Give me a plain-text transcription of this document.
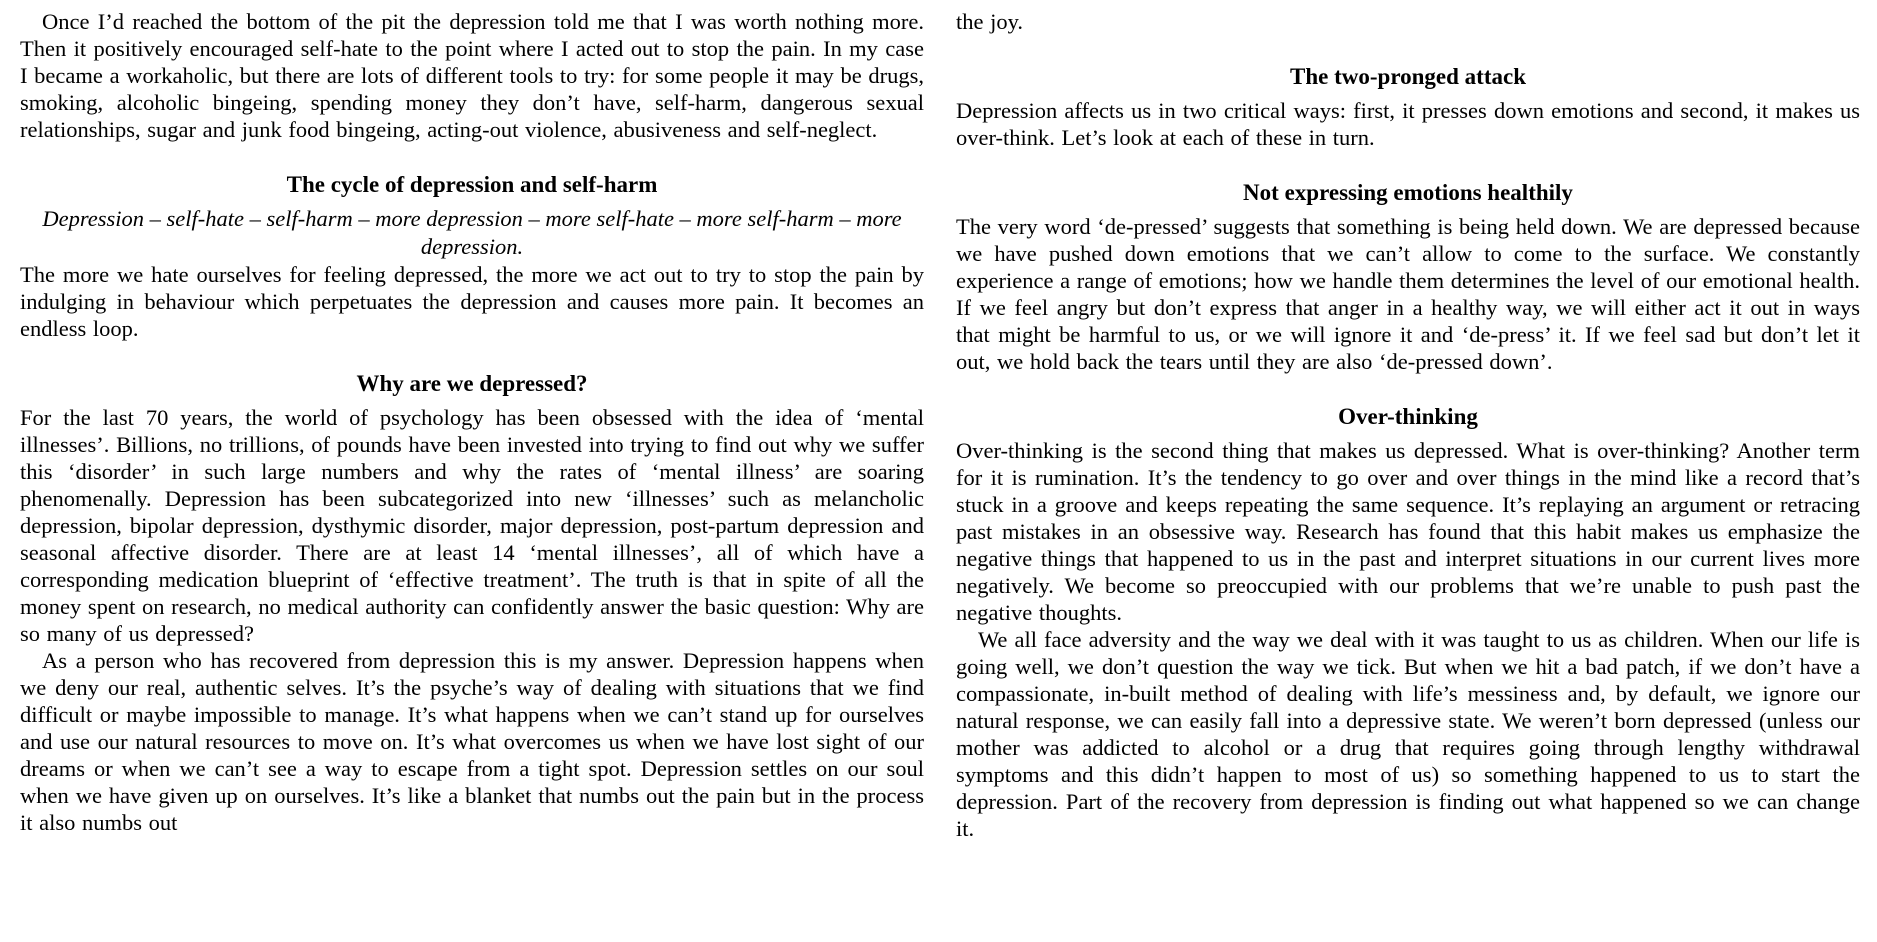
Once I’d reached the bottom of the pit the depression told me that I was worth nothing more. Then it positively encouraged self-hate to the point where I acted out to stop the pain. In my case I became a workaholic, but there are lots of different tools to try: for some people it may be drugs, smoking, alcoholic bingeing, spending money they don’t have, self-harm, dangerous sexual relationships, sugar and junk food bingeing, acting-out violence, abusiveness and self-neglect.

The cycle of depression and self-harm

Depression – self-hate – self-harm – more depression – more self-hate – more self-harm – more depression.

The more we hate ourselves for feeling depressed, the more we act out to try to stop the pain by indulging in behaviour which perpetuates the depression and causes more pain. It becomes an endless loop.

Why are we depressed?

For the last 70 years, the world of psychology has been obsessed with the idea of ‘mental illnesses’. Billions, no trillions, of pounds have been invested into trying to find out why we suffer this ‘disorder’ in such large numbers and why the rates of ‘mental illness’ are soaring phenomenally. Depression has been subcategorized into new ‘illnesses’ such as melancholic depression, bipolar depression, dysthymic disorder, major depression, post-partum depression and seasonal affective disorder. There are at least 14 ‘mental illnesses’, all of which have a corresponding medication blueprint of ‘effective treatment’. The truth is that in spite of all the money spent on research, no medical authority can confidently answer the basic question: Why are so many of us depressed?

As a person who has recovered from depression this is my answer. Depression happens when we deny our real, authentic selves. It’s the psyche’s way of dealing with situations that we find difficult or maybe impossible to manage. It’s what happens when we can’t stand up for ourselves and use our natural resources to move on. It’s what overcomes us when we have lost sight of our dreams or when we can’t see a way to escape from a tight spot. Depression settles on our soul when we have given up on ourselves. It’s like a blanket that numbs out the pain but in the process it also numbs out

the joy.

The two-pronged attack

Depression affects us in two critical ways: first, it presses down emotions and second, it makes us over-think. Let’s look at each of these in turn.

Not expressing emotions healthily

The very word ‘de-pressed’ suggests that something is being held down. We are depressed because we have pushed down emotions that we can’t allow to come to the surface. We constantly experience a range of emotions; how we handle them determines the level of our emotional health. If we feel angry but don’t express that anger in a healthy way, we will either act it out in ways that might be harmful to us, or we will ignore it and ‘de-press’ it. If we feel sad but don’t let it out, we hold back the tears until they are also ‘de-pressed down’.

Over-thinking

Over-thinking is the second thing that makes us depressed. What is over-thinking? Another term for it is rumination. It’s the tendency to go over and over things in the mind like a record that’s stuck in a groove and keeps repeating the same sequence. It’s replaying an argument or retracing past mistakes in an obsessive way. Research has found that this habit makes us emphasize the negative things that happened to us in the past and interpret situations in our current lives more negatively. We become so preoccupied with our problems that we’re unable to push past the negative thoughts.

We all face adversity and the way we deal with it was taught to us as children. When our life is going well, we don’t question the way we tick. But when we hit a bad patch, if we don’t have a compassionate, in-built method of dealing with life’s messiness and, by default, we ignore our natural response, we can easily fall into a depressive state. We weren’t born depressed (unless our mother was addicted to alcohol or a drug that requires going through lengthy withdrawal symptoms and this didn’t happen to most of us) so something happened to us to start the depression. Part of the recovery from depression is finding out what happened so we can change it.
